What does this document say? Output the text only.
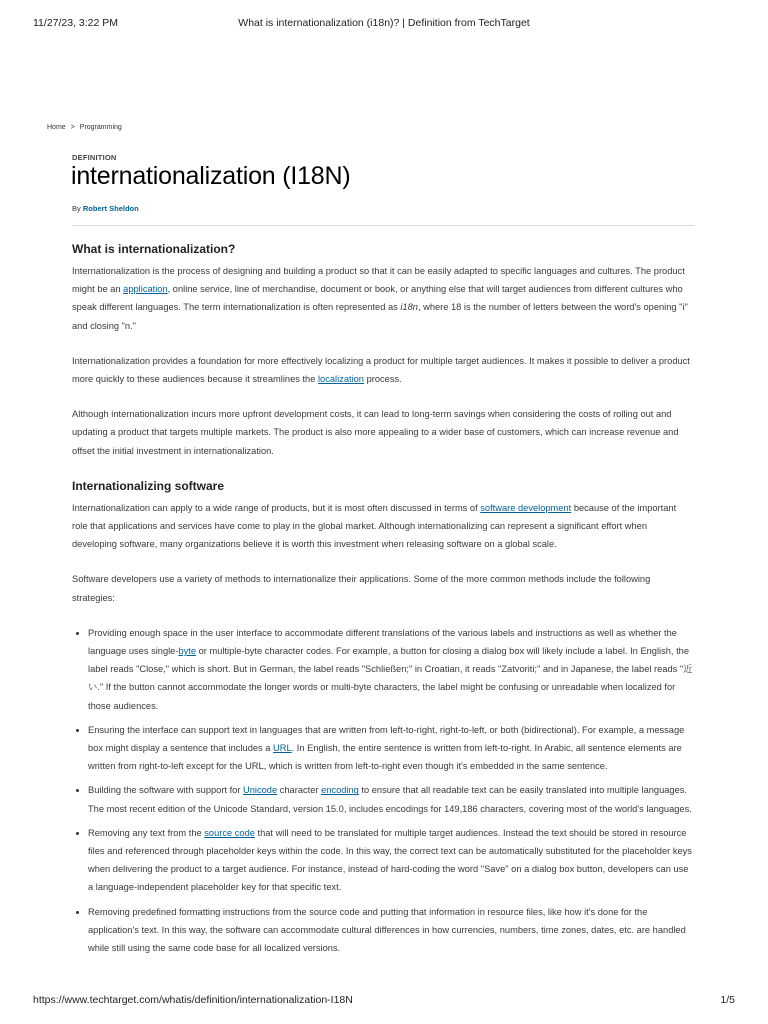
11/27/23, 3:22 PM	What is internationalization (i18n)? | Definition from TechTarget
Home > Programming
DEFINITION
internationalization (I18N)
By Robert Sheldon
What is internationalization?

Internationalization is the process of designing and building a product so that it can be easily adapted to specific languages and cultures. The product might be an application, online service, line of merchandise, document or book, or anything else that will target audiences from different cultures who speak different languages. The term internationalization is often represented as i18n, where 18 is the number of letters between the word's opening "i" and closing "n."

Internationalization provides a foundation for more effectively localizing a product for multiple target audiences. It makes it possible to deliver a product more quickly to these audiences because it streamlines the localization process.

Although internationalization incurs more upfront development costs, it can lead to long-term savings when considering the costs of rolling out and updating a product that targets multiple markets. The product is also more appealing to a wider base of customers, which can increase revenue and offset the initial investment in internationalization.

Internationalizing software

Internationalization can apply to a wide range of products, but it is most often discussed in terms of software development because of the important role that applications and services have come to play in the global market. Although internationalizing can represent a significant effort when developing software, many organizations believe it is worth this investment when releasing software on a global scale.

Software developers use a variety of methods to internationalize their applications. Some of the more common methods include the following strategies:

• Providing enough space in the user interface to accommodate different translations of the various labels and instructions as well as whether the language uses single-byte or multiple-byte character codes. For example, a button for closing a dialog box will likely include a label. In English, the label reads "Close," which is short. But in German, the label reads "Schließen;" in Croatian, it reads "Zatvoriti;" and in Japanese, the label reads "近い." If the button cannot accommodate the longer words or multi-byte characters, the label might be confusing or unreadable when localized for those audiences.
• Ensuring the interface can support text in languages that are written from left-to-right, right-to-left, or both (bidirectional). For example, a message box might display a sentence that includes a URL. In English, the entire sentence is written from left-to-right. In Arabic, all sentence elements are written from right-to-left except for the URL, which is written from left-to-right even though it's embedded in the same sentence.
• Building the software with support for Unicode character encoding to ensure that all readable text can be easily translated into multiple languages. The most recent edition of the Unicode Standard, version 15.0, includes encodings for 149,186 characters, covering most of the world's languages.
• Removing any text from the source code that will need to be translated for multiple target audiences. Instead the text should be stored in resource files and referenced through placeholder keys within the code. In this way, the correct text can be automatically substituted for the placeholder keys when delivering the product to a target audience. For instance, instead of hard-coding the word "Save" on a dialog box button, developers can use a language-independent placeholder key for that specific text.
• Removing predefined formatting instructions from the source code and putting that information in resource files, like how it's done for the application's text. In this way, the software can accommodate cultural differences in how currencies, numbers, time zones, dates, etc. are handled while still using the same code base for all localized versions.
https://www.techtarget.com/whatis/definition/internationalization-I18N	1/5
